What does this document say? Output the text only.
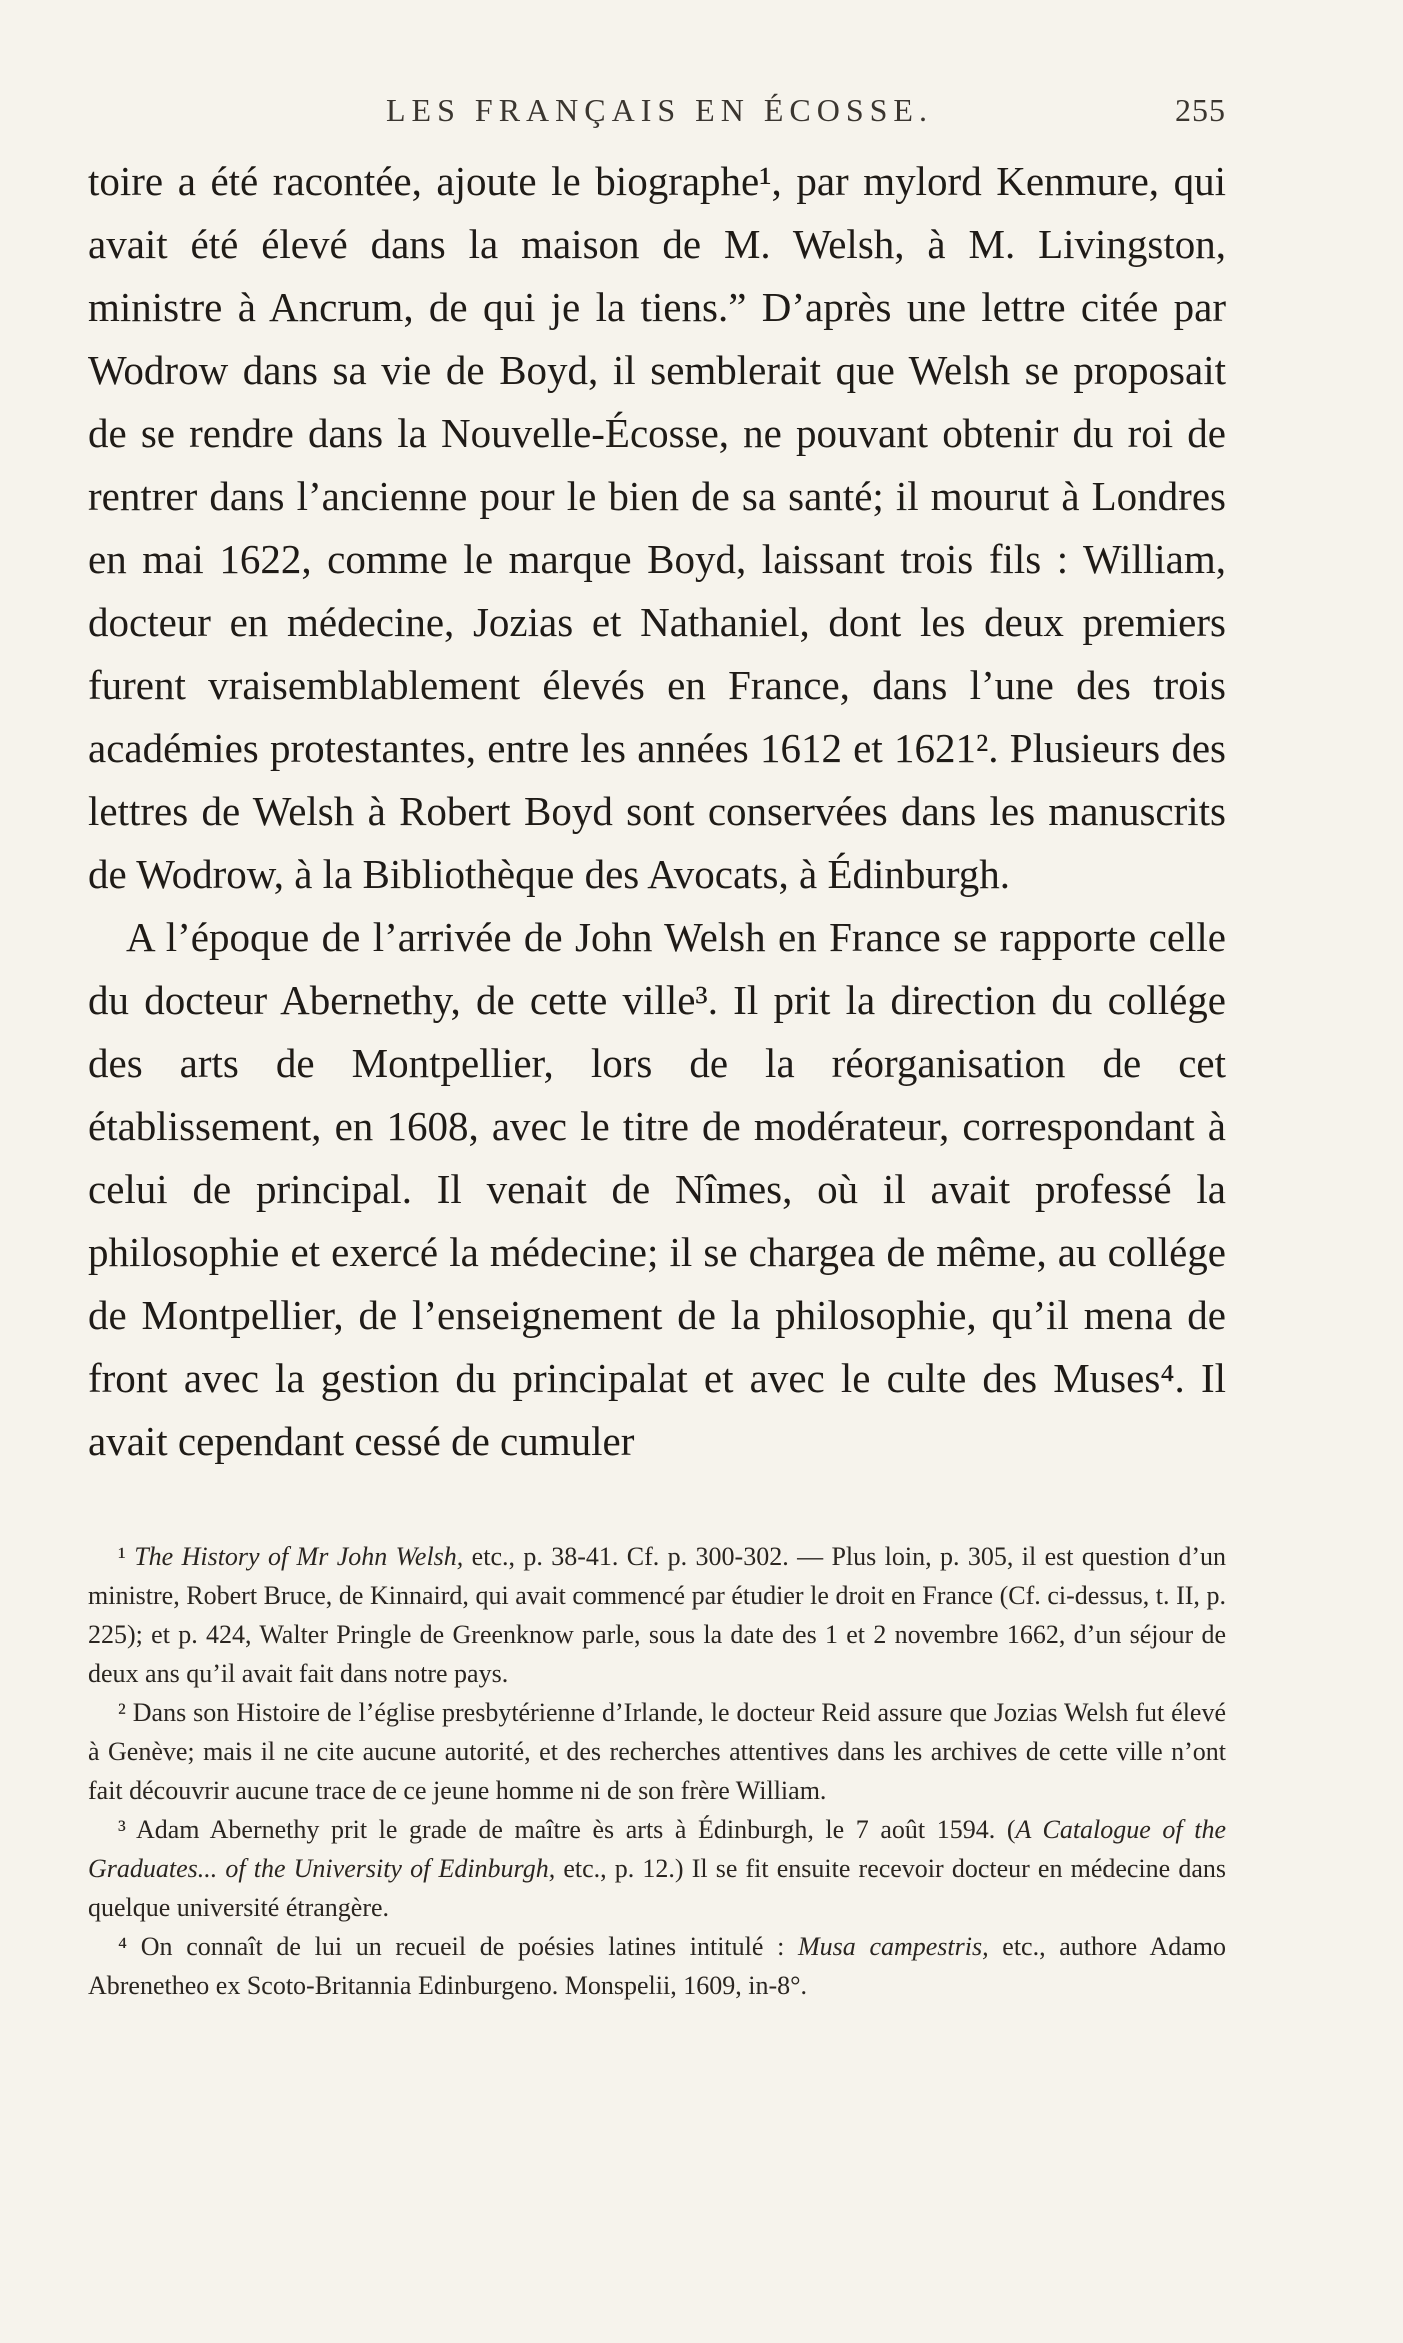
LES FRANÇAIS EN ÉCOSSE.	255

toire a été racontée, ajoute le biographe¹, par mylord Kenmure, qui avait été élevé dans la maison de M. Welsh, à M. Livingston, ministre à Ancrum, de qui je la tiens.” D’après une lettre citée par Wodrow dans sa vie de Boyd, il semblerait que Welsh se proposait de se rendre dans la Nouvelle-Écosse, ne pouvant obtenir du roi de rentrer dans l’ancienne pour le bien de sa santé; il mourut à Londres en mai 1622, comme le marque Boyd, laissant trois fils : William, docteur en médecine, Jozias et Nathaniel, dont les deux premiers furent vraisemblablement élevés en France, dans l’une des trois académies protestantes, entre les années 1612 et 1621². Plusieurs des lettres de Welsh à Robert Boyd sont conservées dans les manuscrits de Wodrow, à la Bibliothèque des Avocats, à Édinburgh.

A l’époque de l’arrivée de John Welsh en France se rapporte celle du docteur Abernethy, de cette ville³. Il prit la direction du collége des arts de Montpellier, lors de la réorganisation de cet établissement, en 1608, avec le titre de modérateur, correspondant à celui de principal. Il venait de Nîmes, où il avait professé la philosophie et exercé la médecine; il se chargea de même, au collége de Montpellier, de l’enseignement de la philosophie, qu’il mena de front avec la gestion du principalat et avec le culte des Muses⁴. Il avait cependant cessé de cumuler

¹ The History of Mr John Welsh, etc., p. 38-41. Cf. p. 300-302. — Plus loin, p. 305, il est question d’un ministre, Robert Bruce, de Kinnaird, qui avait commencé par étudier le droit en France (Cf. ci-dessus, t. II, p. 225); et p. 424, Walter Pringle de Greenknow parle, sous la date des 1 et 2 novembre 1662, d’un séjour de deux ans qu’il avait fait dans notre pays.

² Dans son Histoire de l’église presbytérienne d’Irlande, le docteur Reid assure que Jozias Welsh fut élevé à Genève; mais il ne cite aucune autorité, et des recherches attentives dans les archives de cette ville n’ont fait découvrir aucune trace de ce jeune homme ni de son frère William.

³ Adam Abernethy prit le grade de maître ès arts à Édinburgh, le 7 août 1594. (A Catalogue of the Graduates... of the University of Edinburgh, etc., p. 12.) Il se fit ensuite recevoir docteur en médecine dans quelque université étrangère.

⁴ On connaît de lui un recueil de poésies latines intitulé : Musa campestris, etc., authore Adamo Abrenetheo ex Scoto-Britannia Edinburgeno. Monspelii, 1609, in-8°.
